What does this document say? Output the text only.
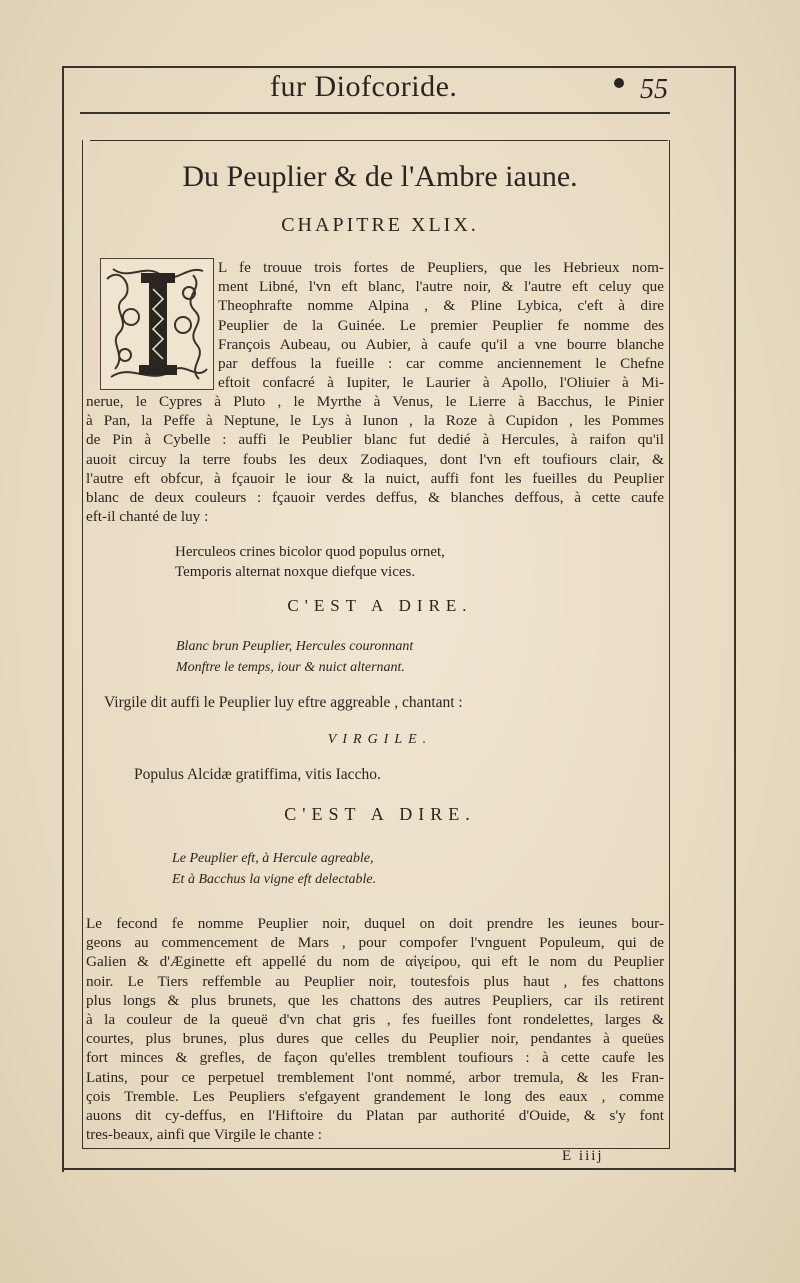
fur Diofcoride.	55
Du Peuplier & de l'Ambre iaune.
CHAPITRE XLIX.
L fe trouue trois fortes de Peupliers, que les Hebrieux nom-
ment Libné, l'vn eft blanc, l'autre noir, & l'autre eft celuy que
Theophrafte nomme Alpina , & Pline Lybica, c'eft à dire
Peuplier de la Guinée. Le premier Peuplier fe nomme des
François Aubeau, ou Aubier, à caufe qu'il a vne bourre blanche
par deffous la fueille : car comme anciennement le Chefne
eftoit confacré à Iupiter, le Laurier à Apollo, l'Oliuier à Mi-
nerue, le Cypres à Pluto , le Myrthe à Venus, le Lierre à Bacchus, le Pinier
à Pan, la Peffe à Neptune, le Lys à Iunon , la Roze à Cupidon , les Pommes
de Pin à Cybelle : auffi le Peublier blanc fut dedié à Hercules, à raifon qu'il
auoit circuy la terre foubs les deux Zodiaques, dont l'vn eft toufiours clair, &
l'autre eft obfcur, à fçauoir le iour & la nuict, auffi font les fueilles du Peuplier
blanc de deux couleurs : fçauoir verdes deffus, & blanches deffous, à cette caufe
eft-il chanté de luy :
Herculeos crines bicolor quod populus ornet,
Temporis alternat noxque diefque vices.
C'EST A DIRE.
Blanc brun Peuplier, Hercules couronnant
Monftre le temps, iour & nuict alternant.
Virgile dit auffi le Peuplier luy eftre aggreable , chantant :
VIRGILE.
Populus Alcidæ gratiffima, vitis Iaccho.
C'EST A DIRE.
Le Peuplier eft, à Hercule agreable,
Et à Bacchus la vigne eft delectable.
Le fecond fe nomme Peuplier noir, duquel on doit prendre les ieunes bour-
geons au commencement de Mars , pour compofer l'vnguent Populeum, qui de
Galien & d'Æginette eft appellé du nom de αἰγείρου, qui eft le nom du Peuplier
noir. Le Tiers reffemble au Peuplier noir, toutesfois plus haut , fes chattons
plus longs & plus brunets, que les chattons des autres Peupliers, car ils retirent
à la couleur de la queuë d'vn chat gris , fes fueilles font rondelettes, larges &
courtes, plus brunes, plus dures que celles du Peuplier noir, pendantes à queües
fort minces & grefles, de façon qu'elles tremblent toufiours : à cette caufe les
Latins, pour ce perpetuel tremblement l'ont nommé, arbor tremula, & les Fran-
çois Tremble. Les Peupliers s'efgayent grandement le long des eaux , comme
auons dit cy-deffus, en l'Hiftoire du Platan par authorité d'Ouide, & s'y font
tres-beaux, ainfi que Virgile le chante :
E iiij
